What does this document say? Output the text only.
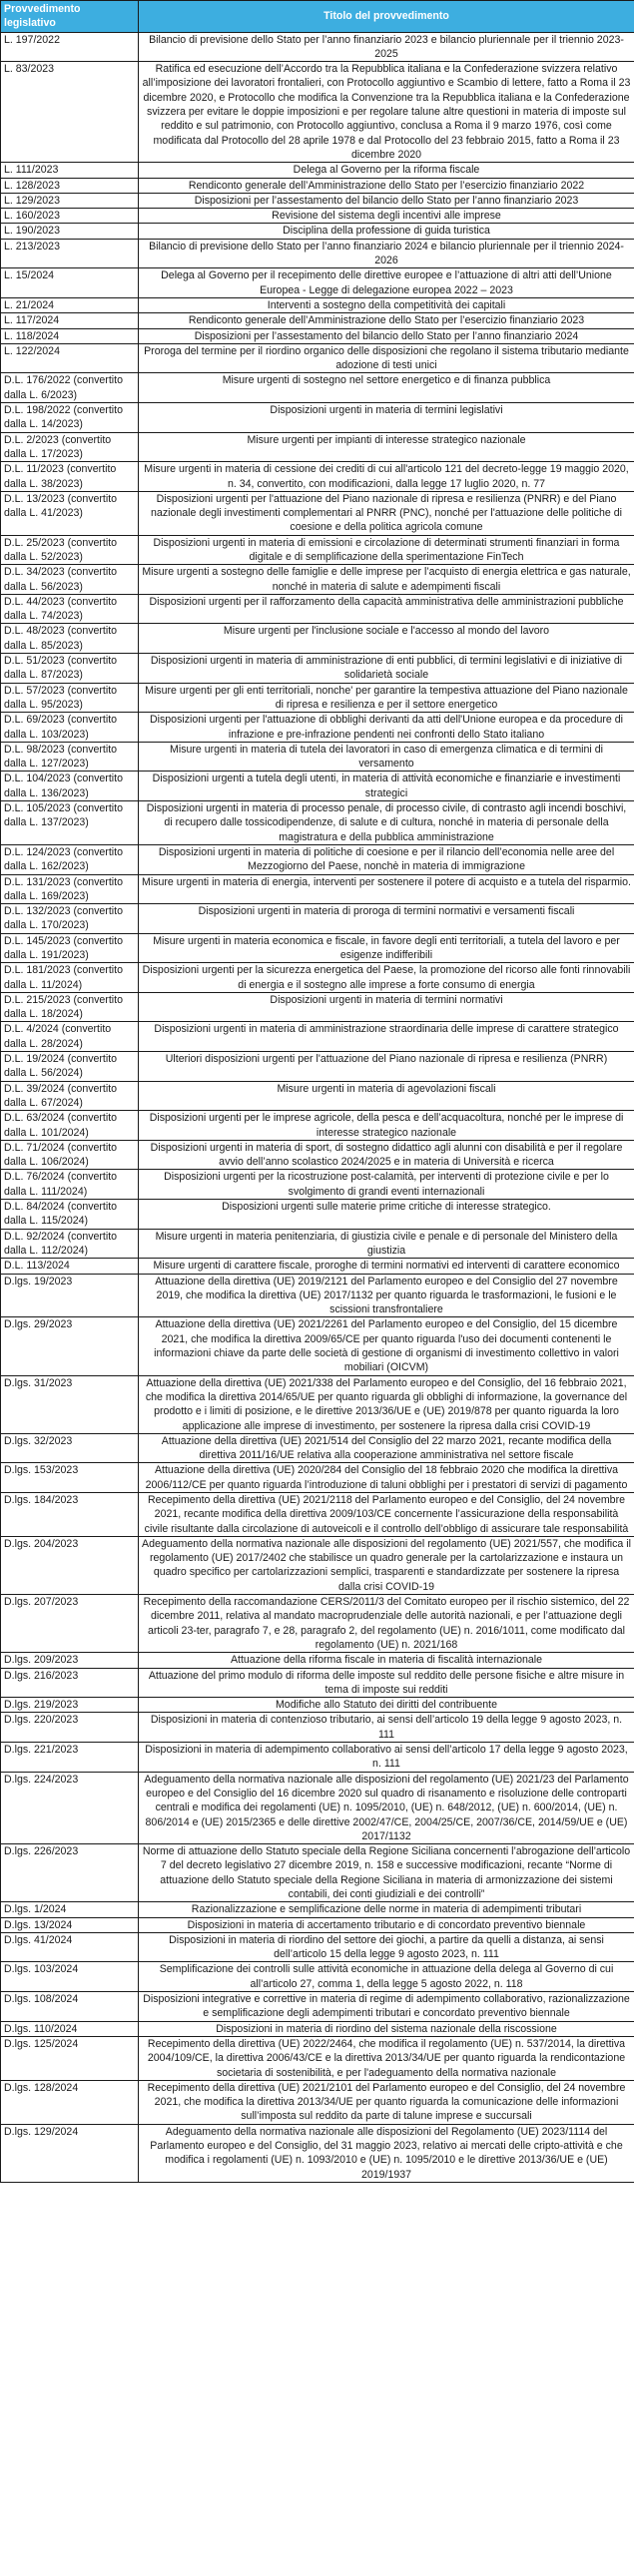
Provvedimento legislativo	Titolo del provvedimento
L. 197/2022	Bilancio di previsione dello Stato per l’anno finanziario 2023 e bilancio pluriennale per il triennio 2023-2025
L. 83/2023	Ratifica ed esecuzione dell’Accordo tra la Repubblica italiana e la Confederazione svizzera relativo all’imposizione dei lavoratori frontalieri, con Protocollo aggiuntivo e Scambio di lettere, fatto a Roma il 23 dicembre 2020, e Protocollo che modifica la Convenzione tra la Repubblica italiana e la Confederazione svizzera per evitare le doppie imposizioni e per regolare talune altre questioni in materia di imposte sul reddito e sul patrimonio, con Protocollo aggiuntivo, conclusa a Roma il 9 marzo 1976, così come modificata dal Protocollo del 28 aprile 1978 e dal Protocollo del 23 febbraio 2015, fatto a Roma il 23 dicembre 2020
L. 111/2023	Delega al Governo per la riforma fiscale
L. 128/2023	Rendiconto generale dell’Amministrazione dello Stato per l’esercizio finanziario 2022
L. 129/2023	Disposizioni per l’assestamento del bilancio dello Stato per l’anno finanziario 2023
L. 160/2023	Revisione del sistema degli incentivi alle imprese
L. 190/2023	Disciplina della professione di guida turistica
L. 213/2023	Bilancio di previsione dello Stato per l’anno finanziario 2024 e bilancio pluriennale per il triennio 2024-2026
L. 15/2024	Delega al Governo per il recepimento delle direttive europee e l’attuazione di altri atti dell’Unione Europea - Legge di delegazione europea 2022 – 2023
L. 21/2024	Interventi a sostegno della competitività dei capitali
L. 117/2024	Rendiconto generale dell’Amministrazione dello Stato per l’esercizio finanziario 2023
L. 118/2024	Disposizioni per l’assestamento del bilancio dello Stato per l’anno finanziario 2024
L. 122/2024	Proroga del termine per il riordino organico delle disposizioni che regolano il sistema tributario mediante adozione di testi unici
D.L. 176/2022 (convertito dalla L. 6/2023)	Misure urgenti di sostegno nel settore energetico e di finanza pubblica
D.L. 198/2022 (convertito dalla L. 14/2023)	Disposizioni urgenti in materia di termini legislativi
D.L. 2/2023 (convertito dalla L. 17/2023)	Misure urgenti per impianti di interesse strategico nazionale
D.L. 11/2023 (convertito dalla L. 38/2023)	Misure urgenti in materia di cessione dei crediti di cui all'articolo 121 del decreto-legge 19 maggio 2020, n. 34, convertito, con modificazioni, dalla legge 17 luglio 2020, n. 77
D.L. 13/2023 (convertito dalla L. 41/2023)	Disposizioni urgenti per l'attuazione del Piano nazionale di ripresa e resilienza (PNRR) e del Piano nazionale degli investimenti complementari al PNRR (PNC), nonché per l'attuazione delle politiche di coesione e della politica agricola comune
D.L. 25/2023 (convertito dalla L. 52/2023)	Disposizioni urgenti in materia di emissioni e circolazione di determinati strumenti finanziari in forma digitale e di semplificazione della sperimentazione FinTech
D.L. 34/2023 (convertito dalla L. 56/2023)	Misure urgenti a sostegno delle famiglie e delle imprese per l’acquisto di energia elettrica e gas naturale, nonché in materia di salute e adempimenti fiscali
D.L. 44/2023 (convertito dalla L. 74/2023)	Disposizioni urgenti per il rafforzamento della capacità amministrativa delle amministrazioni pubbliche
D.L. 48/2023 (convertito dalla L. 85/2023)	Misure urgenti per l'inclusione sociale e l'accesso al mondo del lavoro
D.L. 51/2023 (convertito dalla L. 87/2023)	Disposizioni urgenti in materia di amministrazione di enti pubblici, di termini legislativi e di iniziative di solidarietà sociale
D.L. 57/2023 (convertito dalla L. 95/2023)	Misure urgenti per gli enti territoriali, nonche' per garantire la tempestiva attuazione del Piano nazionale di ripresa e resilienza e per il settore energetico
D.L. 69/2023 (convertito dalla L. 103/2023)	Disposizioni urgenti per l'attuazione di obblighi derivanti da atti dell'Unione europea e da procedure di infrazione e pre-infrazione pendenti nei confronti dello Stato italiano
D.L. 98/2023 (convertito dalla L. 127/2023)	Misure urgenti in materia di tutela dei lavoratori in caso di emergenza climatica e di termini di versamento
D.L. 104/2023 (convertito dalla L. 136/2023)	Disposizioni urgenti a tutela degli utenti, in materia di attività economiche e finanziarie e investimenti strategici
D.L. 105/2023 (convertito dalla L. 137/2023)	Disposizioni urgenti in materia di processo penale, di processo civile, di contrasto agli incendi boschivi, di recupero dalle tossicodipendenze, di salute e di cultura, nonché in materia di personale della magistratura e della pubblica amministrazione
D.L. 124/2023 (convertito dalla L. 162/2023)	Disposizioni urgenti in materia di politiche di coesione e per il rilancio dell’economia nelle aree del Mezzogiorno del Paese, nonchè in materia di immigrazione
D.L. 131/2023 (convertito dalla L. 169/2023)	Misure urgenti in materia di energia, interventi per sostenere il potere di acquisto e a tutela del risparmio.
D.L. 132/2023 (convertito dalla L. 170/2023)	Disposizioni urgenti in materia di proroga di termini normativi e versamenti fiscali
D.L. 145/2023 (convertito dalla L. 191/2023)	Misure urgenti in materia economica e fiscale, in favore degli enti territoriali, a tutela del lavoro e per esigenze indifferibili
D.L. 181/2023 (convertito dalla L. 11/2024)	Disposizioni urgenti per la sicurezza energetica del Paese, la promozione del ricorso alle fonti rinnovabili di energia e il sostegno alle imprese a forte consumo di energia
D.L. 215/2023 (convertito dalla L. 18/2024)	Disposizioni urgenti in materia di termini normativi
D.L. 4/2024 (convertito dalla L. 28/2024)	Disposizioni urgenti in materia di amministrazione straordinaria delle imprese di carattere strategico
D.L. 19/2024 (convertito dalla L. 56/2024)	Ulteriori disposizioni urgenti per l'attuazione del Piano nazionale di ripresa e resilienza (PNRR)
D.L. 39/2024 (convertito dalla L. 67/2024)	Misure urgenti in materia di agevolazioni fiscali
D.L. 63/2024 (convertito dalla L. 101/2024)	Disposizioni urgenti per le imprese agricole, della pesca e dell’acquacoltura, nonché per le imprese di interesse strategico nazionale
D.L. 71/2024 (convertito dalla L. 106/2024)	Disposizioni urgenti in materia di sport, di sostegno didattico agli alunni con disabilità e per il regolare avvio dell’anno scolastico 2024/2025 e in materia di Università e ricerca
D.L. 76/2024 (convertito dalla L. 111/2024)	Disposizioni urgenti per la ricostruzione post-calamità, per interventi di protezione civile e per lo svolgimento di grandi eventi internazionali
D.L. 84/2024 (convertito dalla L. 115/2024)	Disposizioni urgenti sulle materie prime critiche di interesse strategico.
D.L. 92/2024 (convertito dalla L. 112/2024)	Misure urgenti in materia penitenziaria, di giustizia civile e penale e di personale del Ministero della giustizia
D.L. 113/2024	Misure urgenti di carattere fiscale, proroghe di termini normativi ed interventi di carattere economico
D.lgs. 19/2023	Attuazione della direttiva (UE) 2019/2121 del Parlamento europeo e del Consiglio del 27 novembre 2019, che modifica la direttiva (UE) 2017/1132 per quanto riguarda le trasformazioni, le fusioni e le scissioni transfrontaliere
D.lgs. 29/2023	Attuazione della direttiva (UE) 2021/2261 del Parlamento europeo e del Consiglio, del 15 dicembre 2021, che modifica la direttiva 2009/65/CE per quanto riguarda l'uso dei documenti contenenti le informazioni chiave da parte delle società di gestione di organismi di investimento collettivo in valori mobiliari (OICVM)
D.lgs. 31/2023	Attuazione della direttiva (UE) 2021/338 del Parlamento europeo e del Consiglio, del 16 febbraio 2021, che modifica la direttiva 2014/65/UE per quanto riguarda gli obblighi di informazione, la governance del prodotto e i limiti di posizione, e le direttive 2013/36/UE e (UE) 2019/878 per quanto riguarda la loro applicazione alle imprese di investimento, per sostenere la ripresa dalla crisi COVID-19
D.lgs. 32/2023	Attuazione della direttiva (UE) 2021/514 del Consiglio del 22 marzo 2021, recante modifica della direttiva 2011/16/UE relativa alla cooperazione amministrativa nel settore fiscale
D.lgs. 153/2023	Attuazione della direttiva (UE) 2020/284 del Consiglio del 18 febbraio 2020 che modifica la direttiva 2006/112/CE per quanto riguarda l’introduzione di taluni obblighi per i prestatori di servizi di pagamento
D.lgs. 184/2023	Recepimento della direttiva (UE) 2021/2118 del Parlamento europeo e del Consiglio, del 24 novembre 2021, recante modifica della direttiva 2009/103/CE concernente l’assicurazione della responsabilità civile risultante dalla circolazione di autoveicoli e il controllo dell’obbligo di assicurare tale responsabilità
D.lgs. 204/2023	Adeguamento della normativa nazionale alle disposizioni del regolamento (UE) 2021/557, che modifica il regolamento (UE) 2017/2402 che stabilisce un quadro generale per la cartolarizzazione e instaura un quadro specifico per cartolarizzazioni semplici, trasparenti e standardizzate per sostenere la ripresa dalla crisi COVID-19
D.lgs. 207/2023	Recepimento della raccomandazione CERS/2011/3 del Comitato europeo per il rischio sistemico, del 22 dicembre 2011, relativa al mandato macroprudenziale delle autorità nazionali, e per l’attuazione degli articoli 23-ter, paragrafo 7, e 28, paragrafo 2, del regolamento (UE) n. 2016/1011, come modificato dal regolamento (UE) n. 2021/168
D.lgs. 209/2023	Attuazione della riforma fiscale in materia di fiscalità internazionale
D.lgs. 216/2023	Attuazione del primo modulo di riforma delle imposte sul reddito delle persone fisiche e altre misure in tema di imposte sui redditi
D.lgs. 219/2023	Modifiche allo Statuto dei diritti del contribuente
D.lgs. 220/2023	Disposizioni in materia di contenzioso tributario, ai sensi dell’articolo 19 della legge 9 agosto 2023, n. 111
D.lgs. 221/2023	Disposizioni in materia di adempimento collaborativo ai sensi dell’articolo 17 della legge 9 agosto 2023, n. 111
D.lgs. 224/2023	Adeguamento della normativa nazionale alle disposizioni del regolamento (UE) 2021/23 del Parlamento europeo e del Consiglio del 16 dicembre 2020 sul quadro di risanamento e risoluzione delle controparti centrali e modifica dei regolamenti (UE) n. 1095/2010, (UE) n. 648/2012, (UE) n. 600/2014, (UE) n. 806/2014 e (UE) 2015/2365 e delle direttive 2002/47/CE, 2004/25/CE, 2007/36/CE, 2014/59/UE e (UE) 2017/1132
D.lgs. 226/2023	Norme di attuazione dello Statuto speciale della Regione Siciliana concernenti l’abrogazione dell’articolo 7 del decreto legislativo 27 dicembre 2019, n. 158 e successive modificazioni, recante “Norme di attuazione dello Statuto speciale della Regione Siciliana in materia di armonizzazione dei sistemi contabili, dei conti giudiziali e dei controlli”
D.lgs. 1/2024	Razionalizzazione e semplificazione delle norme in materia di adempimenti tributari
D.lgs. 13/2024	Disposizioni in materia di accertamento tributario e di concordato preventivo biennale
D.lgs. 41/2024	Disposizioni in materia di riordino del settore dei giochi, a partire da quelli a distanza, ai sensi dell’articolo 15 della legge 9 agosto 2023, n. 111
D.lgs. 103/2024	Semplificazione dei controlli sulle attività economiche in attuazione della delega al Governo di cui all’articolo 27, comma 1, della legge 5 agosto 2022, n. 118
D.lgs. 108/2024	Disposizioni integrative e correttive in materia di regime di adempimento collaborativo, razionalizzazione e semplificazione degli adempimenti tributari e concordato preventivo biennale
D.lgs. 110/2024	Disposizioni in materia di riordino del sistema nazionale della riscossione
D.lgs. 125/2024	Recepimento della direttiva (UE) 2022/2464, che modifica il regolamento (UE) n. 537/2014, la direttiva 2004/109/CE, la direttiva 2006/43/CE e la direttiva 2013/34/UE per quanto riguarda la rendicontazione societaria di sostenibilità, e per l'adeguamento della normativa nazionale
D.lgs. 128/2024	Recepimento della direttiva (UE) 2021/2101 del Parlamento europeo e del Consiglio, del 24 novembre 2021, che modifica la direttiva 2013/34/UE per quanto riguarda la comunicazione delle informazioni sull’imposta sul reddito da parte di talune imprese e succursali
D.lgs. 129/2024	Adeguamento della normativa nazionale alle disposizioni del Regolamento (UE) 2023/1114 del Parlamento europeo e del Consiglio, del 31 maggio 2023, relativo ai mercati delle cripto-attività e che modifica i regolamenti (UE) n. 1093/2010 e (UE) n. 1095/2010 e le direttive 2013/36/UE e (UE) 2019/1937
